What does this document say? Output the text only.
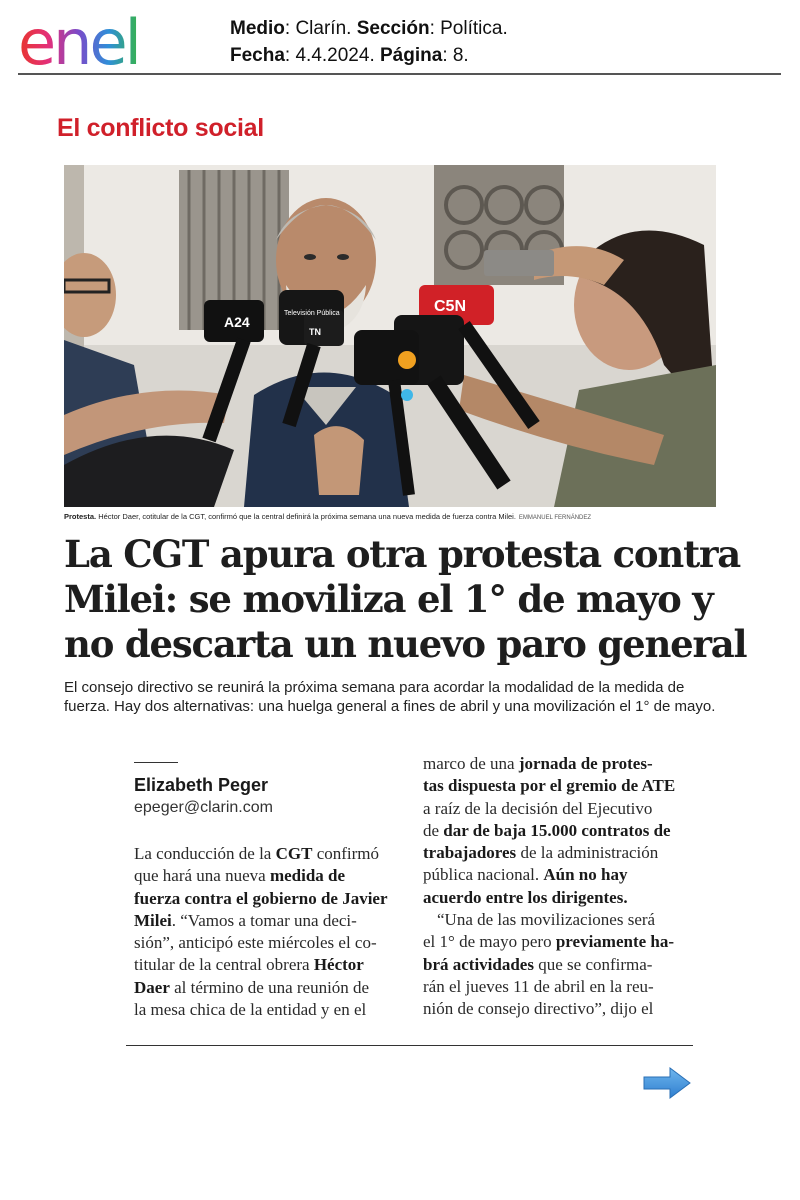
enel	Medio: Clarín. Sección: Política.
Fecha: 4.4.2024. Página: 8.
El conflicto social
A24
Televisión Pública
TN
C5N
Protesta. Héctor Daer, cotitular de la CGT, confirmó que la central definirá la próxima semana una nueva medida de fuerza contra Milei. EMMANUEL FERNÁNDEZ
La CGT apura otra protesta contra
Milei: se moviliza el 1° de mayo y
no descarta un nuevo paro general
El consejo directivo se reunirá la próxima semana para acordar la modalidad de la medida de
fuerza. Hay dos alternativas: una huelga general a fines de abril y una movilización el 1° de mayo.
Elizabeth Peger
epeger@clarin.com
La conducción de la CGT confirmó
que hará una nueva medida de
fuerza contra el gobierno de Javier
Milei. “Vamos a tomar una deci-
sión”, anticipó este miércoles el co-
titular de la central obrera Héctor
Daer al término de una reunión de
la mesa chica de la entidad y en el
marco de una jornada de protes-
tas dispuesta por el gremio de ATE
a raíz de la decisión del Ejecutivo
de dar de baja 15.000 contratos de
trabajadores de la administración
pública nacional. Aún no hay
acuerdo entre los dirigentes.
“Una de las movilizaciones será
el 1° de mayo pero previamente ha-
brá actividades que se confirma-
rán el jueves 11 de abril en la reu-
nión de consejo directivo”, dijo el
